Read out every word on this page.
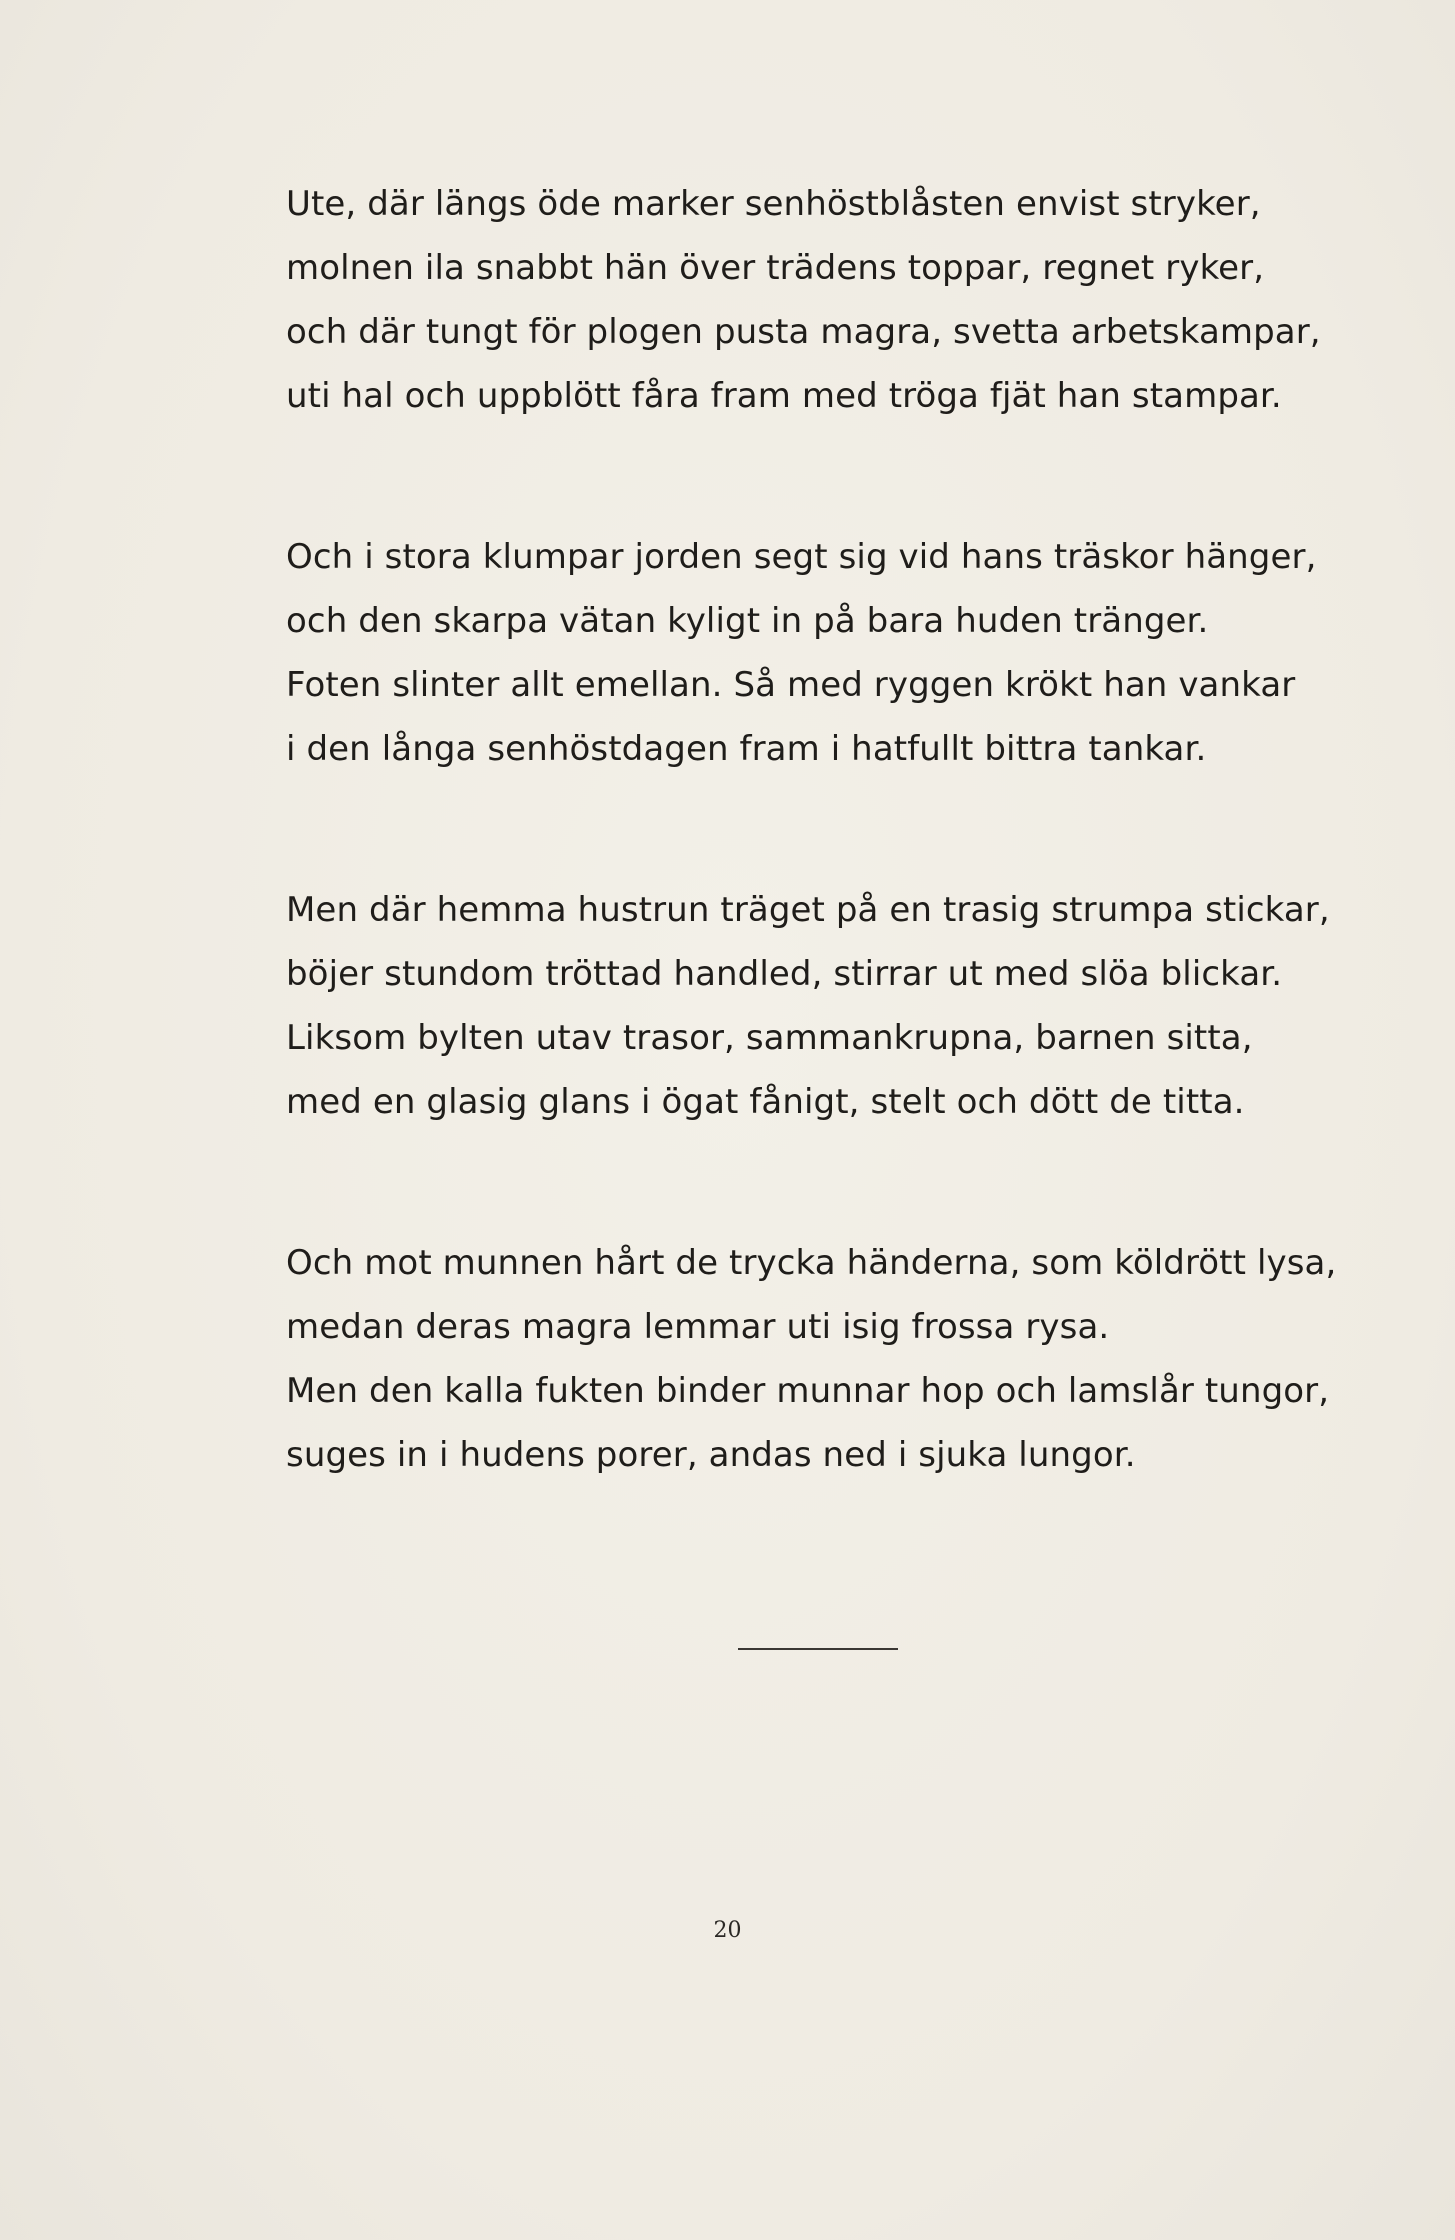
Ute, där längs öde marker senhöstblåsten envist stryker,
molnen ila snabbt hän över trädens toppar, regnet ryker,
och där tungt för plogen pusta magra, svetta arbetskampar,
uti hal och uppblött fåra fram med tröga fjät han stampar.
Och i stora klumpar jorden segt sig vid hans träskor hänger,
och den skarpa vätan kyligt in på bara huden tränger.
Foten slinter allt emellan. Så med ryggen krökt han vankar
i den långa senhöstdagen fram i hatfullt bittra tankar.
Men där hemma hustrun träget på en trasig strumpa stickar,
böjer stundom tröttad handled, stirrar ut med slöa blickar.
Liksom bylten utav trasor, sammankrupna, barnen sitta,
med en glasig glans i ögat fånigt, stelt och dött de titta.
Och mot munnen hårt de trycka händerna, som köldrött lysa,
medan deras magra lemmar uti isig frossa rysa.
Men den kalla fukten binder munnar hop och lamslår tungor,
suges in i hudens porer, andas ned i sjuka lungor.
20
